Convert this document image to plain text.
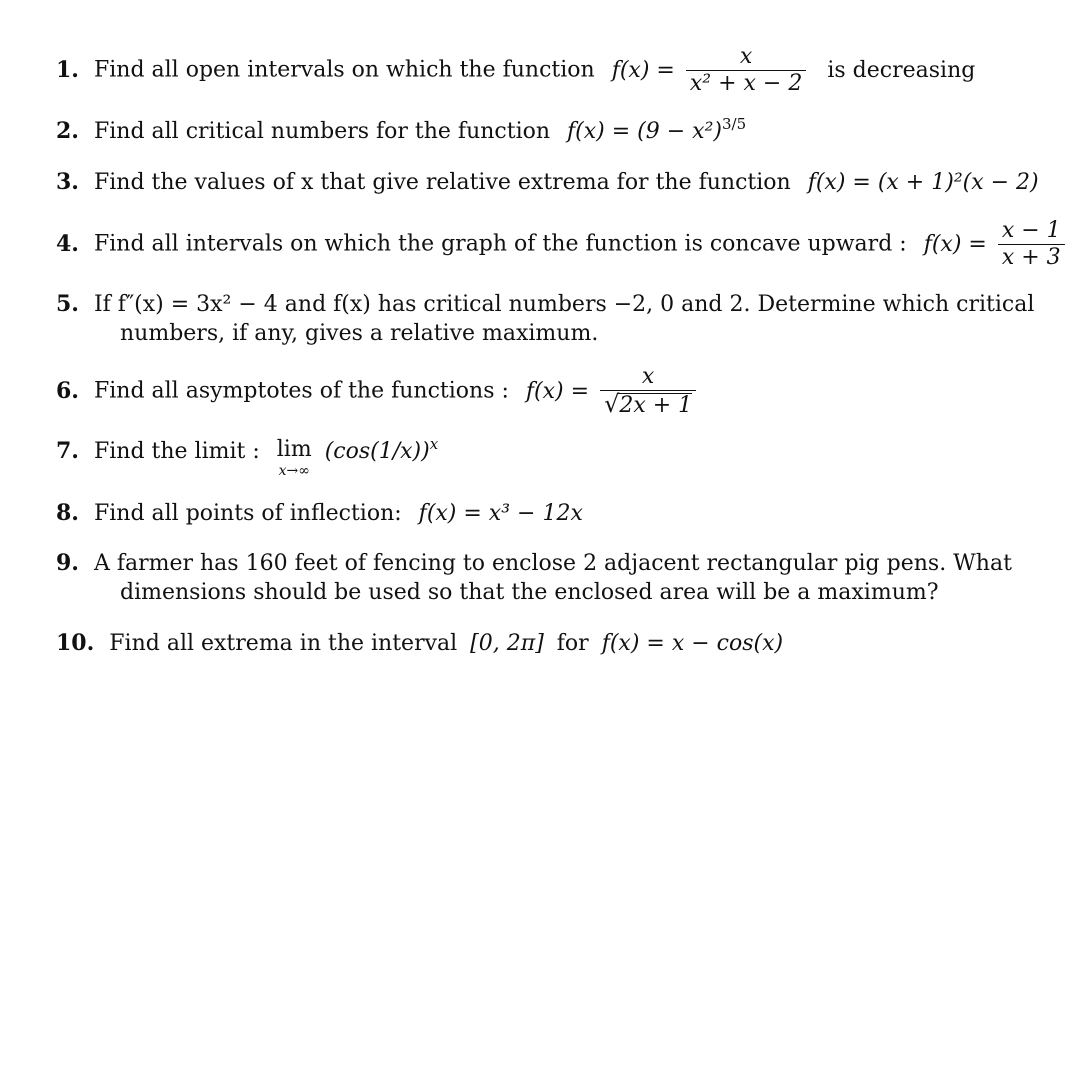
1. Find all open intervals on which the function $f(x) = \frac{x}{\text{x² + x − 2}}$ is decreasing
2. Find all critical numbers for the function $f(x) = (9 - x^2)^{3/5}$
3. Find the values of x that give relative extrema for the function f(x) = (x + 1)²(x − 2)
4. Find all intervals on which the graph of the function is concave upward : $f(x) = \frac{x - 1}{x + 3}$
5. If f″(x) = 3x² − 4 and f(x) has critical numbers −2, 0 and 2. Determine which critical
numbers, if any, gives a relative maximum.
6. Find all asymptotes of the functions : $f(x) = \frac{x}{√2x + 1}$
7. Find the limit : lim
x→∞
$(\cos(1/x))^x$
8. Find all points of inflection: f(x) = x³ − 12x
9. A farmer has 160 feet of fencing to enclose 2 adjacent rectangular pig pens. What
dimensions should be used so that the enclosed area will be a maximum?
10. Find all extrema in the interval [0, 2π] for f(x) = x − cos(x)
